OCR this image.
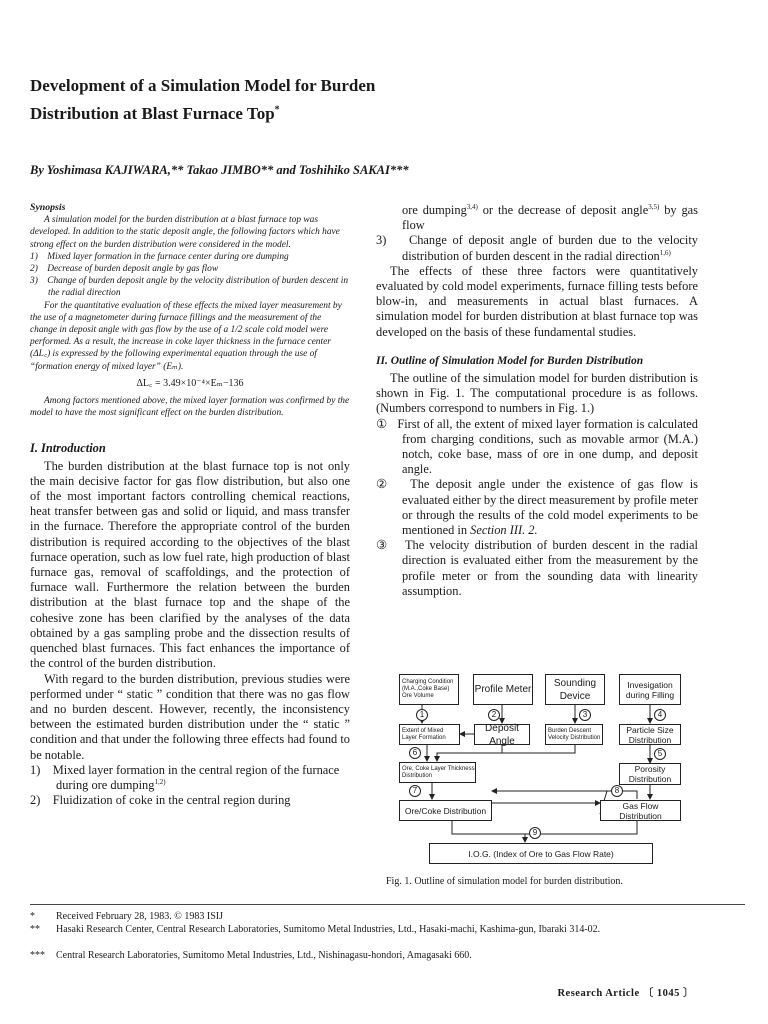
Development of a Simulation Model for Burden
Distribution at Blast Furnace Top*
By Yoshimasa KAJIWARA,** Takao JIMBO** and Toshihiko SAKAI***

Synopsis

A simulation model for the burden distribution at a blast furnace top was developed. In addition to the static deposit angle, the following factors which have strong effect on the burden distribution were considered in the model.

1) Mixed layer formation in the furnace center during ore dumping

2) Decrease of burden deposit angle by gas flow

3) Change of burden deposit angle by the velocity distribution of burden descent in the radial direction

For the quantitative evaluation of these effects the mixed layer measurement by the use of a magnetometer during furnace fillings and the measurement of the change in deposit angle with gas flow by the use of a 1/2 scale cold model were performed. As a result, the increase in coke layer thickness in the furnace center (ΔL꜀) is expressed by the following experimental equation through the use of “formation energy of mixed layer” (Eₘ).

ΔL꜀ = 3.49×10⁻⁴×Eₘ−136

Among factors mentioned above, the mixed layer formation was confirmed by the model to have the most significant effect on the burden distribution.

I. Introduction

The burden distribution at the blast furnace top is not only the main decisive factor for gas flow distribution, but also one of the most important factors controlling chemical reactions, heat transfer between gas and solid or liquid, and mass transfer in the furnace. Therefore the appropriate control of the burden distribution is required according to the objectives of the blast furnace operation, such as low fuel rate, high production of blast furnace gas, removal of scaffoldings, and the protection of furnace wall. Furthermore the relation between the burden distribution at the blast furnace top and the shape of the cohesive zone has been clarified by the analyses of the data obtained by a gas sampling probe and the dissection results of quenched blast furnaces. This fact enhances the importance of the control of the burden distribution.

With regard to the burden distribution, previous studies were performed under “ static ” condition that there was no gas flow and no burden descent. However, recently, the inconsistency between the estimated burden distribution under the “ static ” condition and that under the following three effects had found to be notable.

1) Mixed layer formation in the central region of the furnace during ore dumping$^{1,2)}$

2) Fluidization of coke in the central region during

ore dumping$^{3,4)}$ or the decrease of deposit angle$^{3,5)}$ by gas flow

3) Change of deposit angle of burden due to the velocity distribution of burden descent in the radial direction$^{1,6)}$

The effects of these three factors were quantitatively evaluated by cold model experiments, furnace filling tests before blow-in, and measurements in actual blast furnaces. A simulation model for burden distribution at blast furnace top was developed on the basis of these fundamental studies.

II. Outline of Simulation Model for Burden Distribution

The outline of the simulation model for burden distribution is shown in Fig. 1. The computational procedure is as follows. (Numbers correspond to numbers in Fig. 1.)

① First of all, the extent of mixed layer formation is calculated from charging conditions, such as movable armor (M.A.) notch, coke base, mass of ore in one dump, and deposit angle.

② The deposit angle under the existence of gas flow is evaluated either by the direct measurement by profile meter or through the results of the cold model experiments to be mentioned in Section III. 2.

③ The velocity distribution of burden descent in the radial direction is evaluated either from the measurement by the profile meter or from the sounding data with linearity assumption.

Charging Condition (M.A.,Coke Base) Ore Volume
Profile Meter
Sounding Device
Invesigation during Filling
Extent of Mixed Layer Formation
Deposit Angle
Burden Descent Velocity Distribution
Particle Size Distribution
Ore, Coke Layer Thickness Distribution
Porosity Distribution
Ore/Coke Distribution	Gas Flow Distribution
I.O.G. (Index of Ore to Gas Flow Rate)
1	2	3	4
5
6
7	8
9
Fig. 1. Outline of simulation model for burden distribution.
* Received February 28, 1983. © 1983 ISIJ
** Hasaki Research Center, Central Research Laboratories, Sumitomo Metal Industries, Ltd., Hasaki-machi, Kashima-gun, Ibaraki 314-02.
*** Central Research Laboratories, Sumitomo Metal Industries, Ltd., Nishinagasu-hondori, Amagasaki 660.
Research Article 〔 1045 〕
